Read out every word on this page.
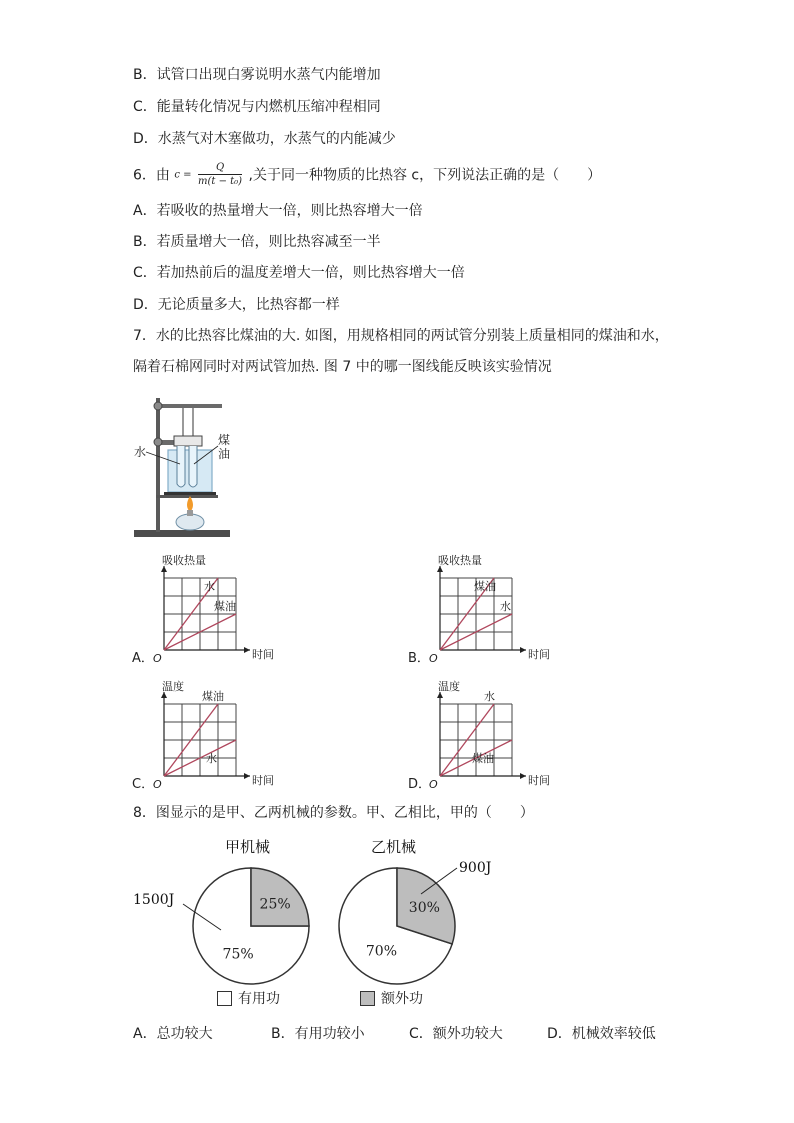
B．试管口出现白雾说明水蒸气内能增加
C．能量转化情况与内燃机压缩冲程相同
D．水蒸气对木塞做功，水蒸气的内能减少
6．由 $c = \frac{Q}{\text{m(t − t₀)}}$ ,关于同一种物质的比热容 c，下列说法正确的是（　　）
A．若吸收的热量增大一倍，则比热容增大一倍
B．若质量增大一倍，则比热容减至一半
C．若加热前后的温度差增大一倍，则比热容增大一倍
D．无论质量多大，比热容都一样
7．水的比热容比煤油的大. 如图，用规格相同的两试管分别装上质量相同的煤油和水，
隔着石棉网同时对两试管加热. 图 7 中的哪一图线能反映该实验情况
水
煤
油
吸收热量
时间
O
A．
水
煤油
吸收热量
时间
O
B．
煤油
水
温度
时间
O
C．
煤油
水
温度
时间
O
D．
水
煤油
8．图显示的是甲、乙两机械的参数。甲、乙相比，甲的（　　）
甲机械
25%
75%
1500J
乙机械
30%
70%
900J
有用功	额外功
A．总功较大	B．有用功较小	C．额外功较大	D．机械效率较低
